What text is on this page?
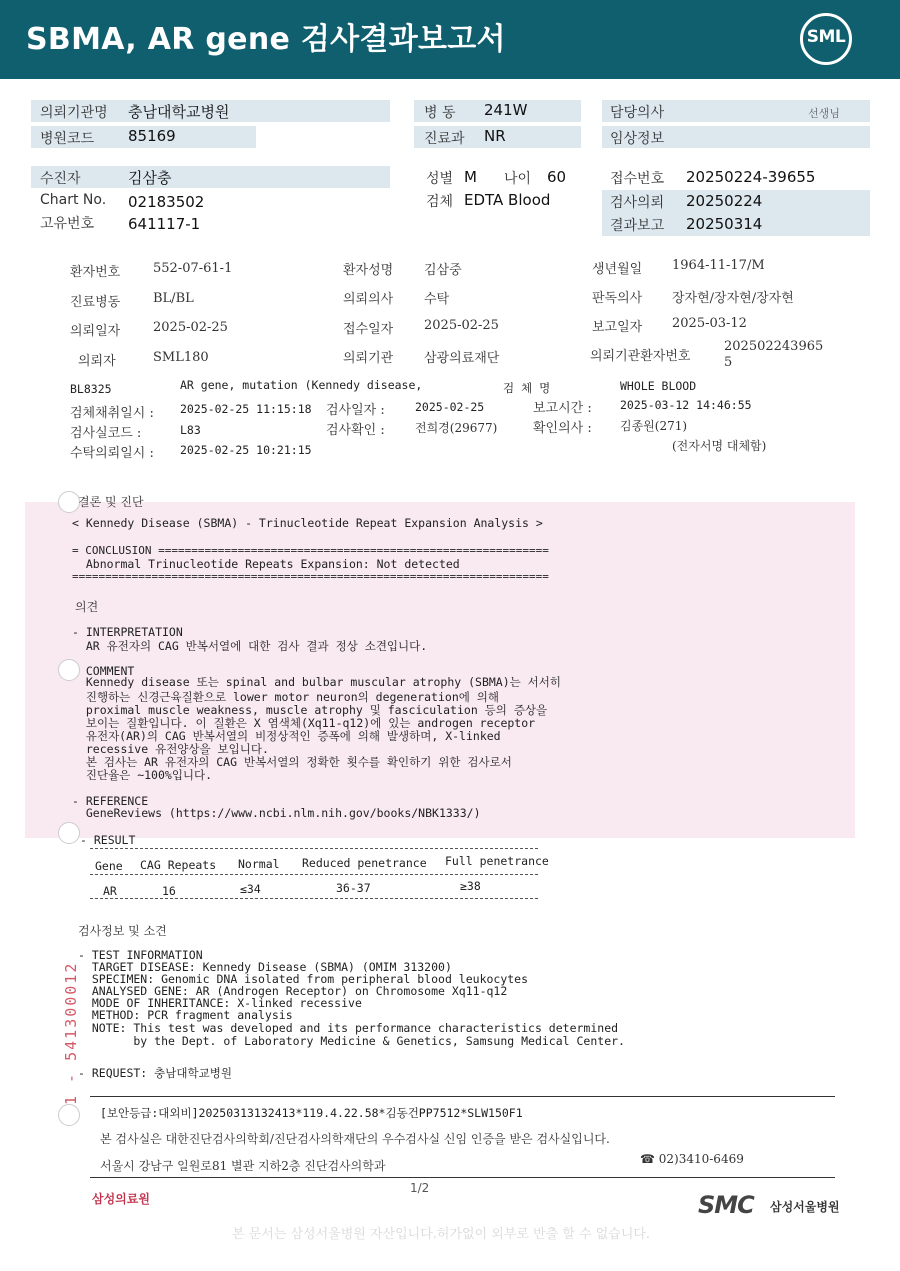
SBMA, AR gene 검사결과보고서	SML
의뢰기관명 충남대학교병원
병원코드 85169
병 동 241W
진료과 NR
담당의사	선생님
임상정보
수진자	김삼충
Chart No. 02183502
고유번호 641117-1
성별 M 나이 60
검체 EDTA Blood
접수번호 20250224-39655
검사의뢰 20250224
결과보고 20250314
환자번호	552-07-61-1	환자성명 김삼중	생년월일 1964-11-17/M
진료병동	BL/BL	의뢰의사 수탁	판독의사 장자현/장자현/장자현
의뢰일자	2025-02-25	접수일자 2025-02-25	보고일자 2025-03-12
의뢰자	SML180	의뢰기관 삼광의료재단	의뢰기관환자번호
202502243965
5
BL8325	AR gene, mutation (Kennedy disease,	검 체 명	WHOLE BLOOD
검체채취일시 : 2025-02-25 11:15:18 검사일자 :	2025-02-25	보고시간 : 2025-03-12 14:46:55
검사실코드 :	L83	검사확인 :	전희경(29677)	확인의사 : 김종원(271)
수탁의뢰일시 : 2025-02-25 10:21:15	(전자서명 대체함)
결론 및 진단
< Kennedy Disease (SBMA) - Trinucleotide Repeat Expansion Analysis >
= CONCLUSION ===========================================================
Abnormal Trinucleotide Repeats Expansion: Not detected
========================================================================
의견
- INTERPRETATION
AR 유전자의 CAG 반복서열에 대한 검사 결과 정상 소견입니다.
COMMENT
Kennedy disease 또는 spinal and bulbar muscular atrophy (SBMA)는 서서히
진행하는 신경근육질환으로 lower motor neuron의 degeneration에 의해
proximal muscle weakness, muscle atrophy 및 fasciculation 등의 증상을
보이는 질환입니다. 이 질환은 X 염색체(Xq11-q12)에 있는 androgen receptor
유전자(AR)의 CAG 반복서열의 비정상적인 증폭에 의해 발생하며, X-linked
recessive 유전양상을 보입니다.
본 검사는 AR 유전자의 CAG 반복서열의 정확한 횟수를 확인하기 위한 검사로서
진단율은 ~100%입니다.
- REFERENCE
GeneReviews (https://www.ncbi.nlm.nih.gov/books/NBK1333/)
- RESULT
Gene CAG Repeats Normal Reduced penetrance Full penetrance
AR	16	≤34	36-37	≥38
검사정보 및 소견
- TEST INFORMATION
TARGET DISEASE: Kennedy Disease (SBMA) (OMIM 313200)
SPECIMEN: Genomic DNA isolated from peripheral blood leukocytes
ANALYSED GENE: AR (Androgen Receptor) on Chromosome Xq11-q12
MODE OF INHERITANCE: X-linked recessive
METHOD: PCR fragment analysis
NOTE: This test was developed and its performance characteristics determined
by the Dept. of Laboratory Medicine & Genetics, Samsung Medical Center.
- REQUEST: 충남대학교병원
1 - 541300012
[보안등급:대외비]20250313132413*119.4.22.58*김동건PP7512*SLW150F1
본 검사실은 대한진단검사의학회/진단검사의학재단의 우수검사실 신임 인증을 받은 검사실입니다.
서울시 강남구 일원로81 별관 지하2층 진단검사의학과	☎ 02)3410-6469
삼성의료원
1/2
SMC 삼성서울병원
본 문서는 삼성서울병원 자산입니다.허가없이 외부로 반출 할 수 없습니다.
